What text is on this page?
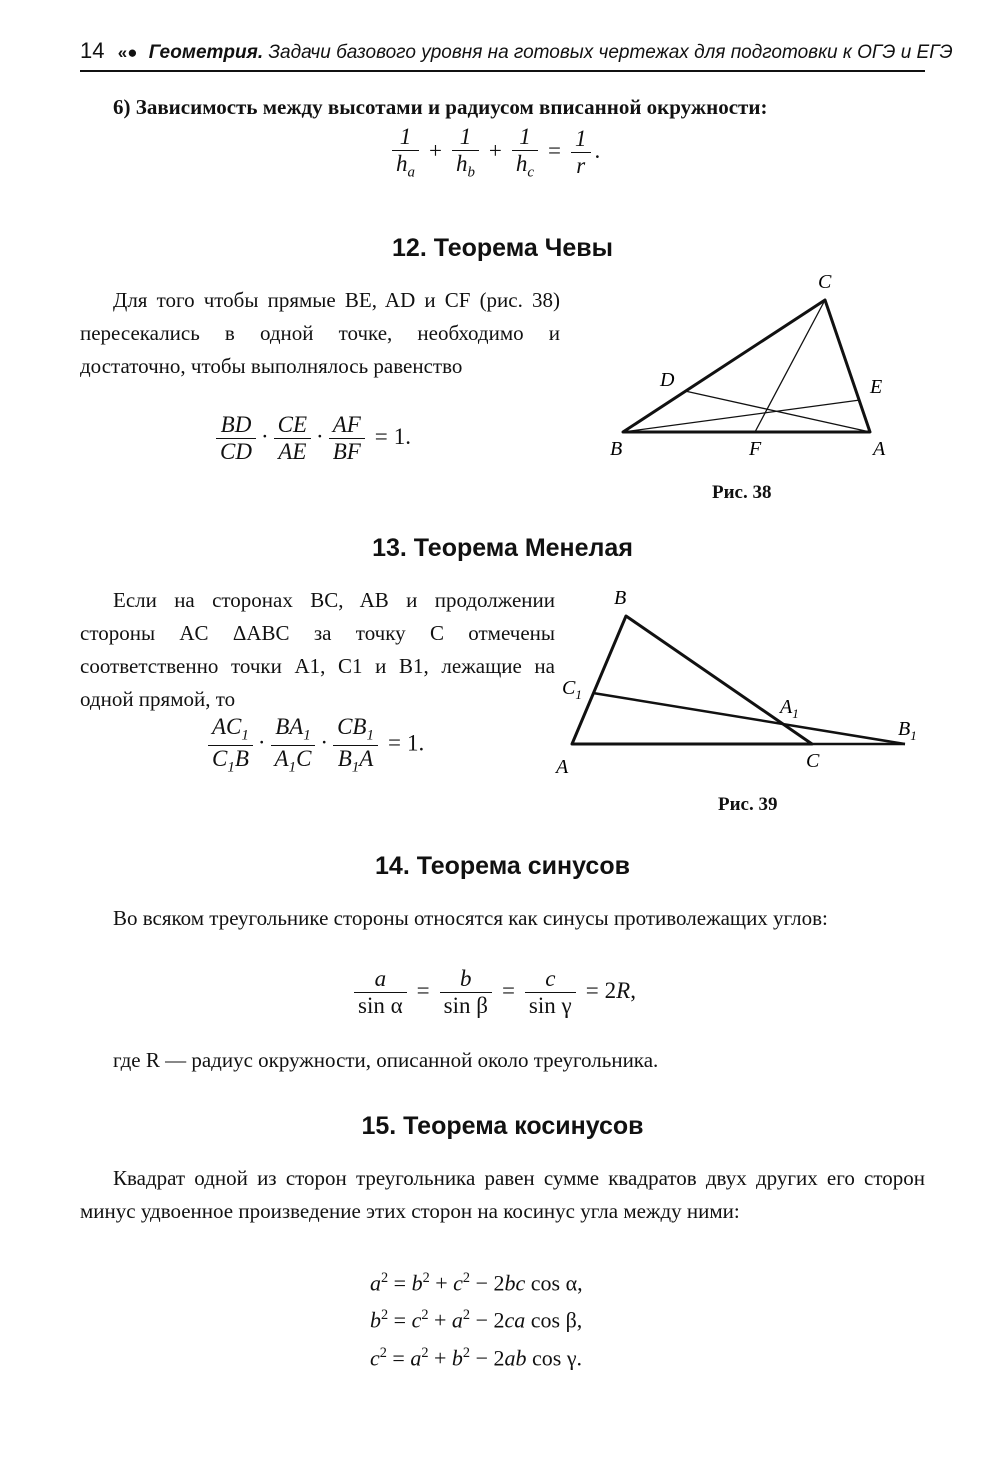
14 «● Геометрия. Задачи базового уровня на готовых чертежах для подготовки к ОГЭ и ЕГЭ
6) Зависимость между высотами и радиусом вписанной окружности:
$\frac{1}{h_a} + \frac{1}{h_b} + \frac{1}{h_c} = \frac{1}{r}$ .
12. Теорема Чевы
Для того чтобы прямые BE, AD и CF (рис. 38) пересекались в одной точке, необходимо и достаточно, чтобы выполнялось равенство
$\frac{BD}{CD} \cdot \frac{CE}{AE} \cdot \frac{AF}{BF} = 1$.
C
D	E
B	F	A
Рис. 38
13. Теорема Менелая
Если на сторонах BC, AB и продолжении стороны AC ΔABC за точку C отмечены соответственно точки A1, C1 и B1, лежащие на одной прямой, то
$\frac{AC_1}{C_1B} \cdot \frac{BA_1}{A_1C} \cdot \frac{CB_1}{B_1A} = 1$.
B
$C_1$
$A_1$
$B_1$
A	C
Рис. 39
14. Теорема синусов
Во всяком треугольнике стороны относятся как синусы противолежащих углов:
$\frac{a}{\text{sin α}} = \frac{b}{\text{sin β}} = \frac{c}{\text{sin γ}} = 2R$,
где R — радиус окружности, описанной около треугольника.
15. Теорема косинусов
Квадрат одной из сторон треугольника равен сумме квадратов двух других его сторон минус удвоенное произведение этих сторон на косинус угла между ними:
$a^2 = b^2 + c^2 - 2bc$ cos α,
$b^2 = c^2 + a^2 - 2ca$ cos β,
$c^2 = a^2 + b^2 - 2ab$ cos γ.
